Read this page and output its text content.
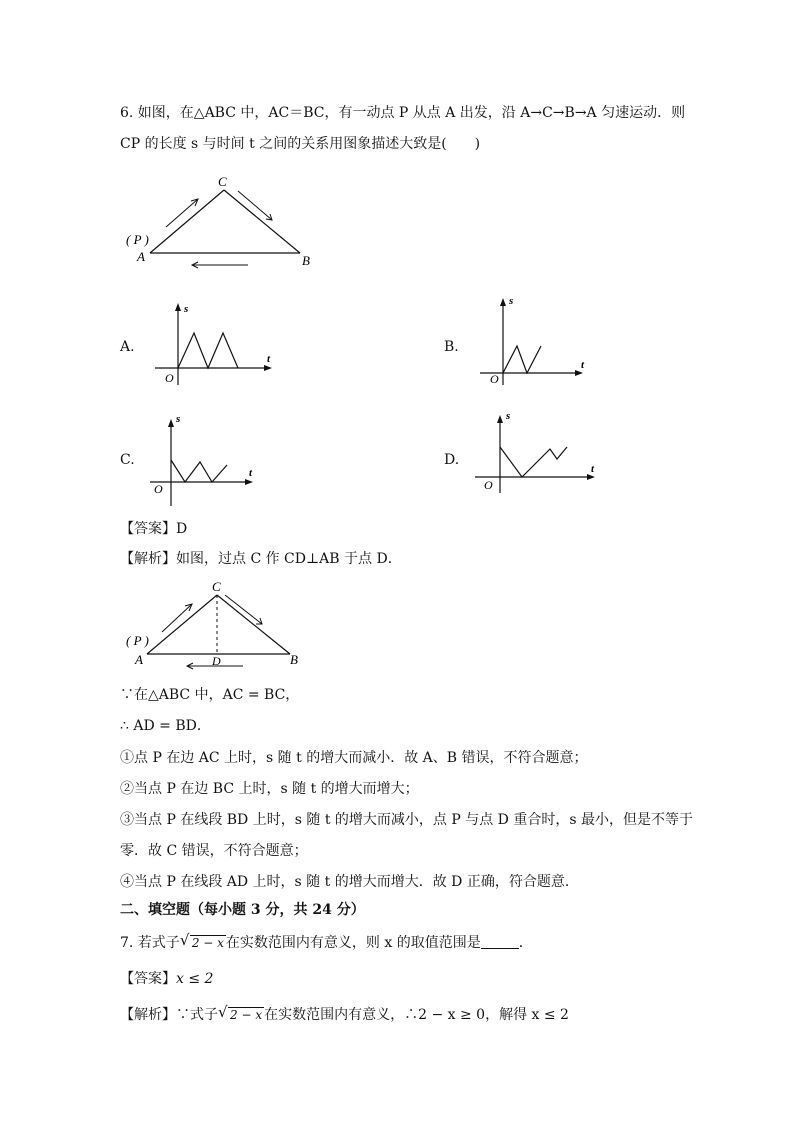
6. 如图，在△ABC 中，AC＝BC，有一动点 P 从点 A 出发，沿 A→C→B→A 匀速运动．则
CP 的长度 s 与时间 t 之间的关系用图象描述大致是(　　)
C
A	B
( P )
A.	B.
C.	D.
s
t
O
s
t
O
s
t
O
s
t
O
【答案】D
【解析】如图，过点 C 作 CD⊥AB 于点 D．
C
A	B
D
( P )
∵在△ABC 中，AC = BC，
∴ AD = BD．
①点 P 在边 AC 上时，s 随 t 的增大而减小．故 A、B 错误，不符合题意；
②当点 P 在边 BC 上时，s 随 t 的增大而增大；
③当点 P 在线段 BD 上时，s 随 t 的增大而减小，点 P 与点 D 重合时，s 最小，但是不等于
零．故 C 错误，不符合题意；
④当点 P 在线段 AD 上时，s 随 t 的增大而增大．故 D 正确，符合题意．
二、填空题（每小题 3 分，共 24 分）
7. 若式子 √ 2 − x 在实数范围内有意义，则 x 的取值范围是	．
【答案】x ≤ 2
【解析】∵式子 √ 2 − x 在实数范围内有意义，∴2 − x ≥ 0，解得 x ≤ 2
